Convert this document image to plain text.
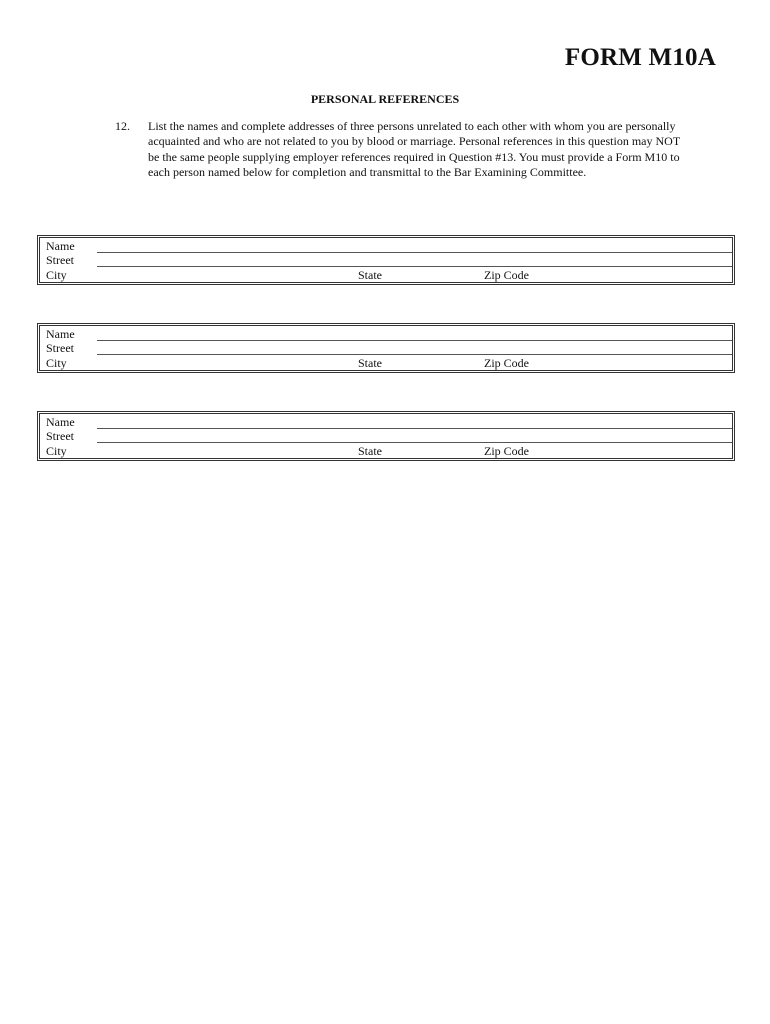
FORM M10A
PERSONAL REFERENCES
12. List the names and complete addresses of three persons unrelated to each other with whom you are personally acquainted and who are not related to you by blood or marriage. Personal references in this question may NOT be the same people supplying employer references required in Question #13. You must provide a Form M10 to each person named below for completion and transmittal to the Bar Examining Committee.

Name
Street
City	State	Zip Code
Name
Street
City	State	Zip Code
Name
Street
City	State	Zip Code
